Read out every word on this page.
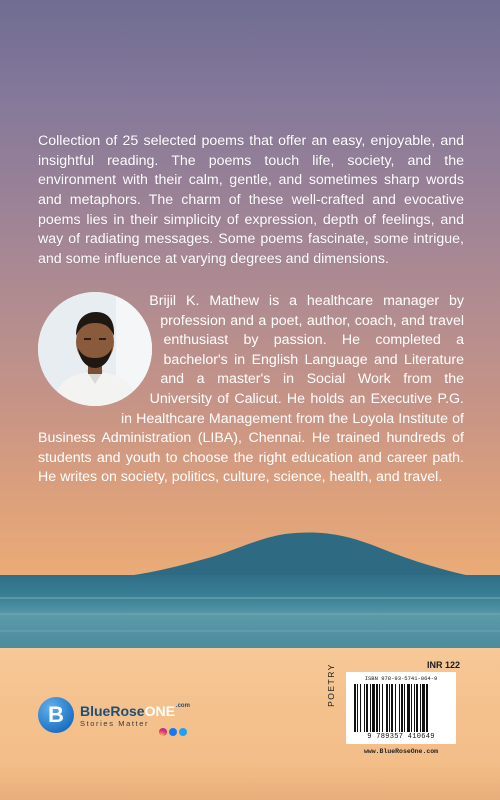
Collection of 25 selected poems that offer an easy, enjoyable, and insightful reading. The poems touch life, society, and the environment with their calm, gentle, and sometimes sharp words and metaphors. The charm of these well-crafted and evocative poems lies in their simplicity of expression, depth of feelings, and way of radiating messages. Some poems fascinate, some intrigue, and some influence at varying degrees and dimensions.

Brijil K. Mathew is a healthcare manager by profession and a poet, author, coach, and travel enthusiast by passion. He completed a bachelor's in English Language and Literature and a master's in Social Work from the University of Calicut. He holds an Executive P.G. in Healthcare Management from the Loyola Institute of Business Administration (LIBA), Chennai. He trained hundreds of students and youth to choose the right education and career path. He writes on society, politics, culture, science, health, and travel.
B	BlueRoseONE$^{.com}$
Stories Matter
INR 122
POETRY	ISBN 978-93-5741-064-9
9 789357 410649
www.BlueRoseOne.com
